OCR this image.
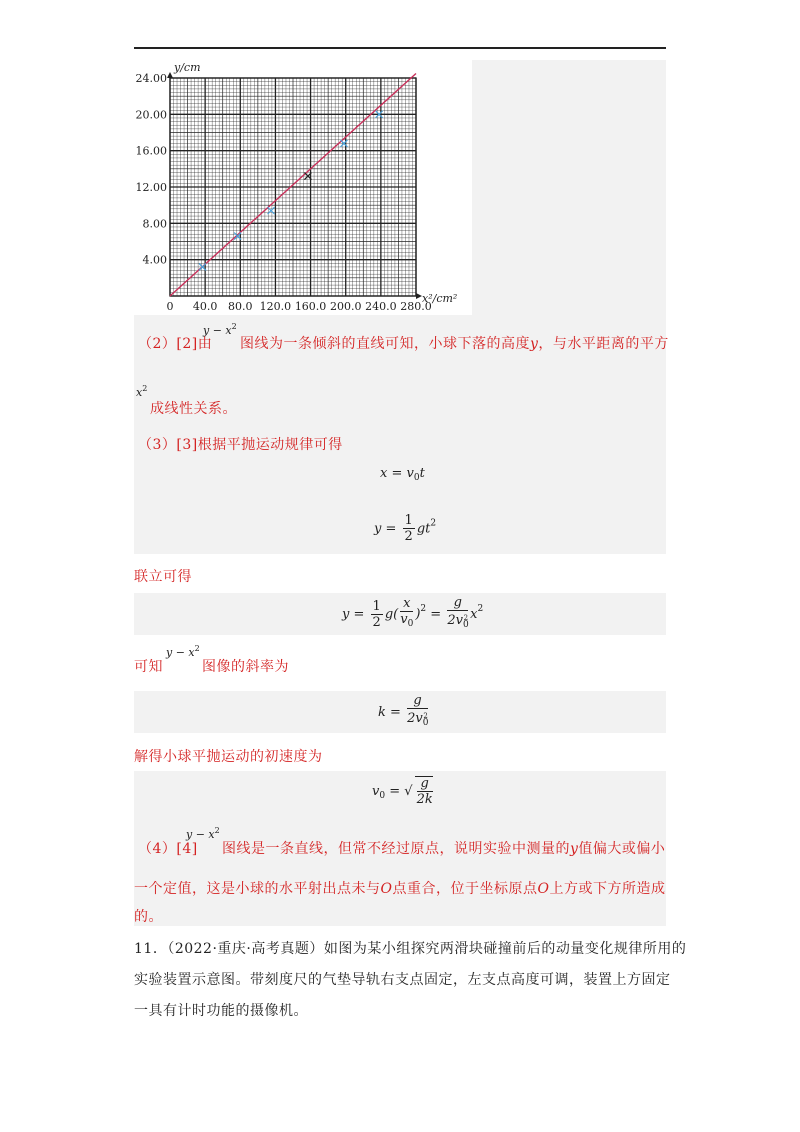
0 40.0 80.0 120.0 160.0 200.0 240.0 280.0
4.00
8.00
12.00
16.00
20.00
24.00
y/cm
x²/cm²
（2）[2]由
$y - x^2$
图线为一条倾斜的直线可知，小球下落的高度y，与水平距离的平方
$x^2$
成线性关系。
（3）[3]根据平抛运动规律可得
$x = v_0t$
$y = \frac{1}{2} gt^2$
联立可得
$y = \frac{1}{2} g( \frac{x}{v_0} )^2 = \frac{g}{2v_0^2} x^2$
可知
$y - x^2$
图像的斜率为
$k = \frac{g}{2v_0^2}$
解得小球平抛运动的初速度为
$v_0$ = √ $\frac{g}{2k}$
（4）[4]
$y - x^2$
图线是一条直线，但常不经过原点，说明实验中测量的y值偏大或偏小
一个定值，这是小球的水平射出点未与O点重合，位于坐标原点O上方或下方所造成
的。
11．（2022·重庆·高考真题）如图为某小组探究两滑块碰撞前后的动量变化规律所用的
实验装置示意图。带刻度尺的气垫导轨右支点固定，左支点高度可调，装置上方固定
一具有计时功能的摄像机。
